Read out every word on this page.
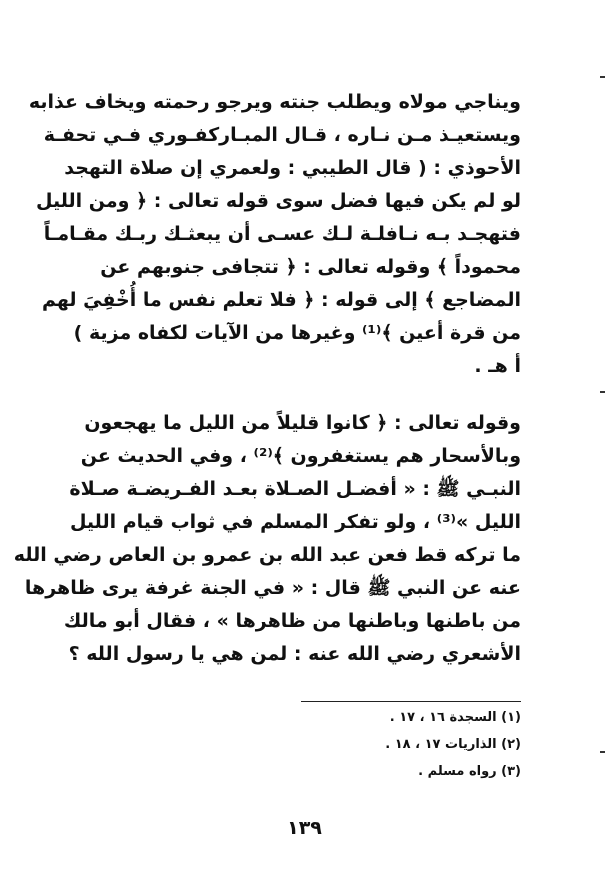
ويناجي مولاه ويطلب جنته ويرجو رحمته ويخاف عذابه
ويستعيـذ مـن نـاره ، قـال المبـاركفـوري فـي تحفـة
الأحوذي : ( قال الطيبي : ولعمري إن صلاة التهجد
لو لم يكن فيها فضل سوى قوله تعالى : ﴿ ومن الليل
فتهجـد بـه نـافلـة لـك عسـى أن يبعثـك ربـك مقـامـاً
محموداً ﴾ وقوله تعالى : ﴿ تتجافى جنوبهم عن
المضاجع ﴾ إلى قوله : ﴿ فلا تعلم نفس ما أُخْفِيَ لهم
من قرة أعين ﴾⁽¹⁾ وغيرها من الآيات لكفاه مزية )
أ هـ .
وقوله تعالى : ﴿ كانوا قليلاً من الليل ما يهجعون
وبالأسحار هم يستغفرون ﴾⁽²⁾ ، وفي الحديث عن
النبـي ﷺ : « أفضـل الصـلاة بعـد الفـريضـة صـلاة
الليل »⁽³⁾ ، ولو تفكر المسلم في ثواب قيام الليل
ما تركه قط فعن عبد الله بن عمرو بن العاص رضي الله
عنه عن النبي ﷺ قال : « في الجنة غرفة يرى ظاهرها
من باطنها وباطنها من ظاهرها » ، فقال أبو مالك
الأشعري رضي الله عنه : لمن هي يا رسول الله ؟
(١) السجدة ١٦ ، ١٧ .
(٢) الذاريات ١٧ ، ١٨ .
(٣) رواه مسلم .
١٣٩
